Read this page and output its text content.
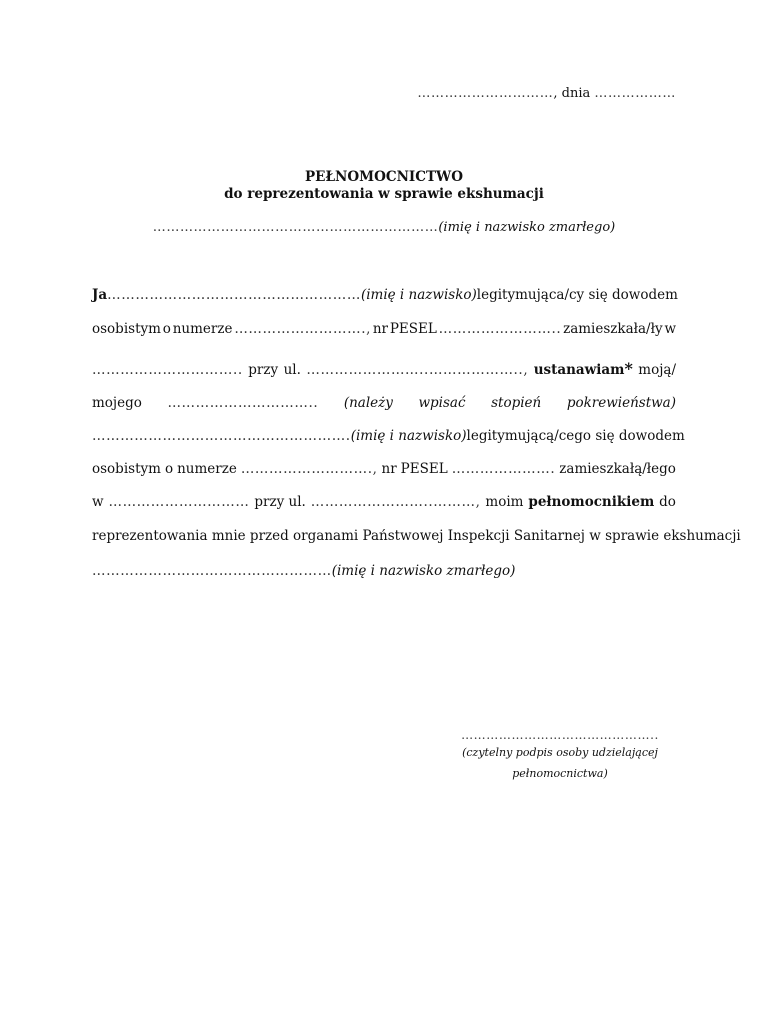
…………………………, dnia ………………
PEŁNOMOCNICTWO
do reprezentowania w sprawie ekshumacji
………………………………………………………(imię i nazwisko zmarłego)
Ja ……………………………………………… (imię i nazwisko) legitymująca/cy się dowodem
osobistym o numerze ………………………., nr PESEL …………………….. zamieszkała/ły w
………………………….. przy ul. ……………………..……………….., ustanawiam* moją/
mojego ………………………….. (należy wpisać stopień pokrewieństwa)
………………………………………………. (imię i nazwisko) legitymującą/cego się dowodem
osobistym o numerze ………………………., nr PESEL …………………. zamieszkałą/łego
w ………………………… przy ul. ……………………..………, moim pełnomocnikiem do
reprezentowania mnie przed organami Państwowej Inspekcji Sanitarnej w sprawie ekshumacji
…………………………………………… (imię i nazwisko zmarłego)
………………………………………..
(czytelny podpis osoby udzielającej
pełnomocnictwa)
